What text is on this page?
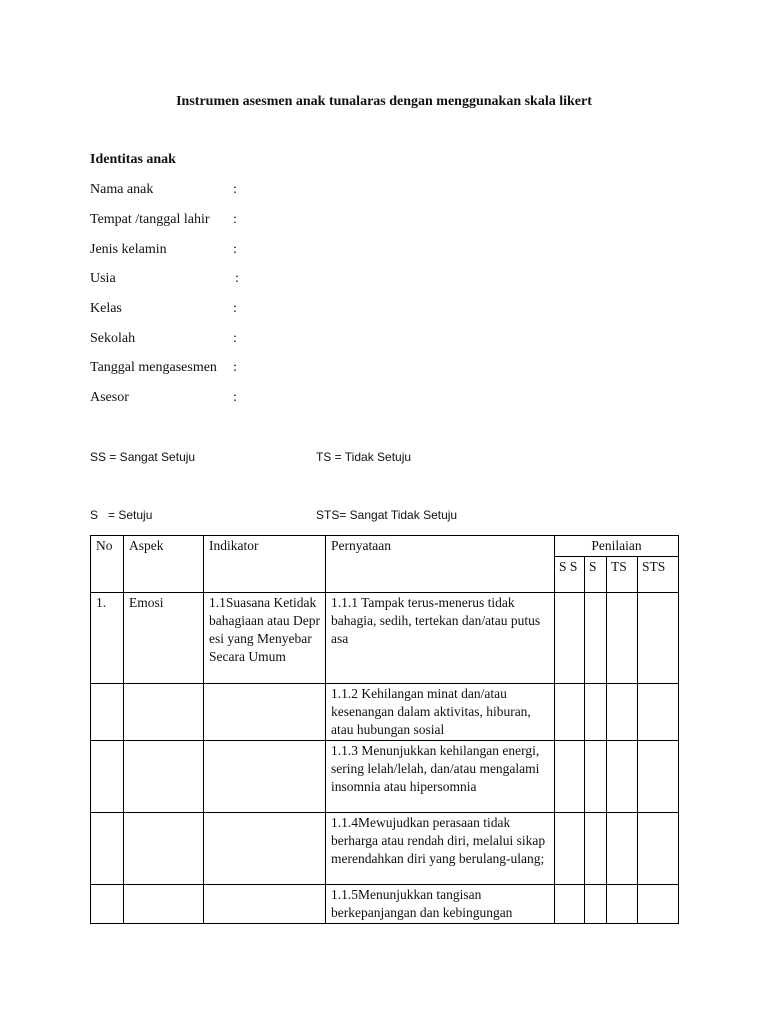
Instrumen asesmen anak tunalaras dengan menggunakan skala likert
Identitas anak
Nama anak	:
Tempat /tanggal lahir :
Jenis kelamin	:
Usia	:
Kelas	:
Sekolah	:
Tanggal mengasesmen :
Asesor	:
SS = Sangat Setuju	TS = Tidak Setuju
S   = Setuju	STS= Sangat Tidak Setuju
No	Aspek	Indikator	Pernyataan	Penilaian			
				S S	S	TS	STS
1.	Emosi	1.1Suasana Ketidakbahagiaan atau Depresi yang Menyebar Secara Umum	1.1.1 Tampak terus-menerus tidak bahagia, sedih, tertekan dan/atau putus asa				
			1.1.2 Kehilangan minat dan/atau kesenangan dalam aktivitas, hiburan, atau hubungan sosial				
			1.1.3 Menunjukkan kehilangan energi, sering lelah/lelah, dan/atau mengalami insomnia atau hipersomnia				
			1.1.4Mewujudkan perasaan tidak berharga atau rendah diri, melalui sikap merendahkan diri yang berulang-ulang;				
			1.1.5Menunjukkan tangisan berkepanjangan dan kebingungan				
